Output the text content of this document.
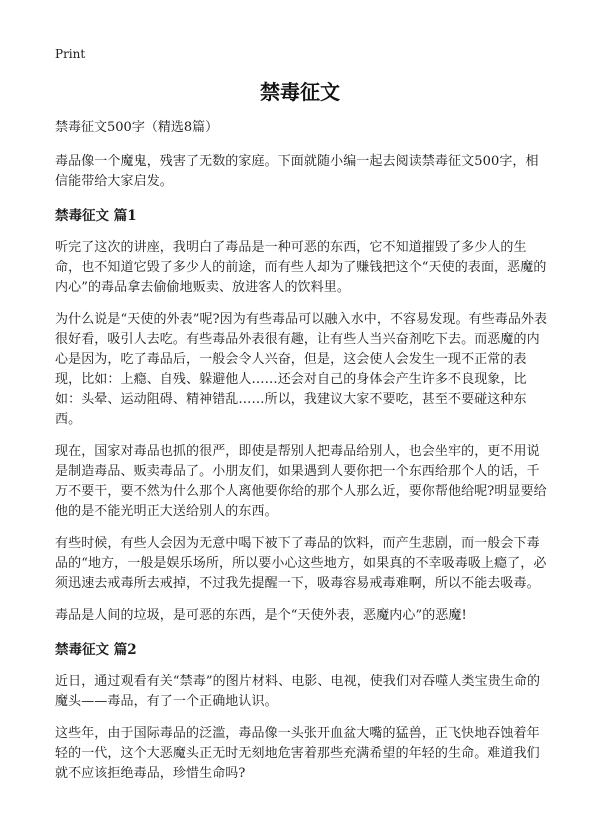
Print
禁毒征文

禁毒征文500字（精选8篇）

毒品像一个魔鬼，残害了无数的家庭。下面就随小编一起去阅读禁毒征文500字，相信能带给大家启发。

禁毒征文 篇1

听完了这次的讲座，我明白了毒品是一种可恶的东西，它不知道摧毁了多少人的生命，也不知道它毁了多少人的前途，而有些人却为了赚钱把这个“天使的表面，恶魔的内心”的毒品拿去偷偷地贩卖、放进客人的饮料里。

为什么说是“天使的外表”呢?因为有些毒品可以融入水中，不容易发现。有些毒品外表很好看，吸引人去吃。有些毒品外表很有趣，让有些人当兴奋剂吃下去。而恶魔的内心是因为，吃了毒品后，一般会令人兴奋，但是，这会使人会发生一现不正常的表现，比如：上瘾、自残、躲避他人……还会对自己的身体会产生许多不良现象，比如：头晕、运动阻碍、精神错乱……所以，我建议大家不要吃，甚至不要碰这种东西。

现在，国家对毒品也抓的很严，即使是帮别人把毒品给别人，也会坐牢的，更不用说是制造毒品、贩卖毒品了。小朋友们，如果遇到人要你把一个东西给那个人的话，千万不要干，要不然为什么那个人离他要你给的那个人那么近，要你帮他给呢?明显要给他的是不能光明正大送给别人的东西。

有些时候，有些人会因为无意中喝下被下了毒品的饮料，而产生悲剧，而一般会下毒品的“地方，一般是娱乐场所，所以要小心这些地方，如果真的不幸吸毒吸上瘾了，必须迅速去戒毒所去戒掉，不过我先提醒一下，吸毒容易戒毒难啊，所以不能去吸毒。

毒品是人间的垃圾，是可恶的东西，是个“天使外表，恶魔内心”的恶魔!

禁毒征文 篇2

近日，通过观看有关“禁毒”的图片材料、电影、电视，使我们对吞噬人类宝贵生命的魔头——毒品，有了一个正确地认识。

这些年，由于国际毒品的泛滥，毒品像一头张开血盆大嘴的猛兽，正飞快地吞蚀着年轻的一代，这个大恶魔头正无时无刻地危害着那些充满希望的年轻的生命。难道我们就不应该拒绝毒品，珍惜生命吗?
